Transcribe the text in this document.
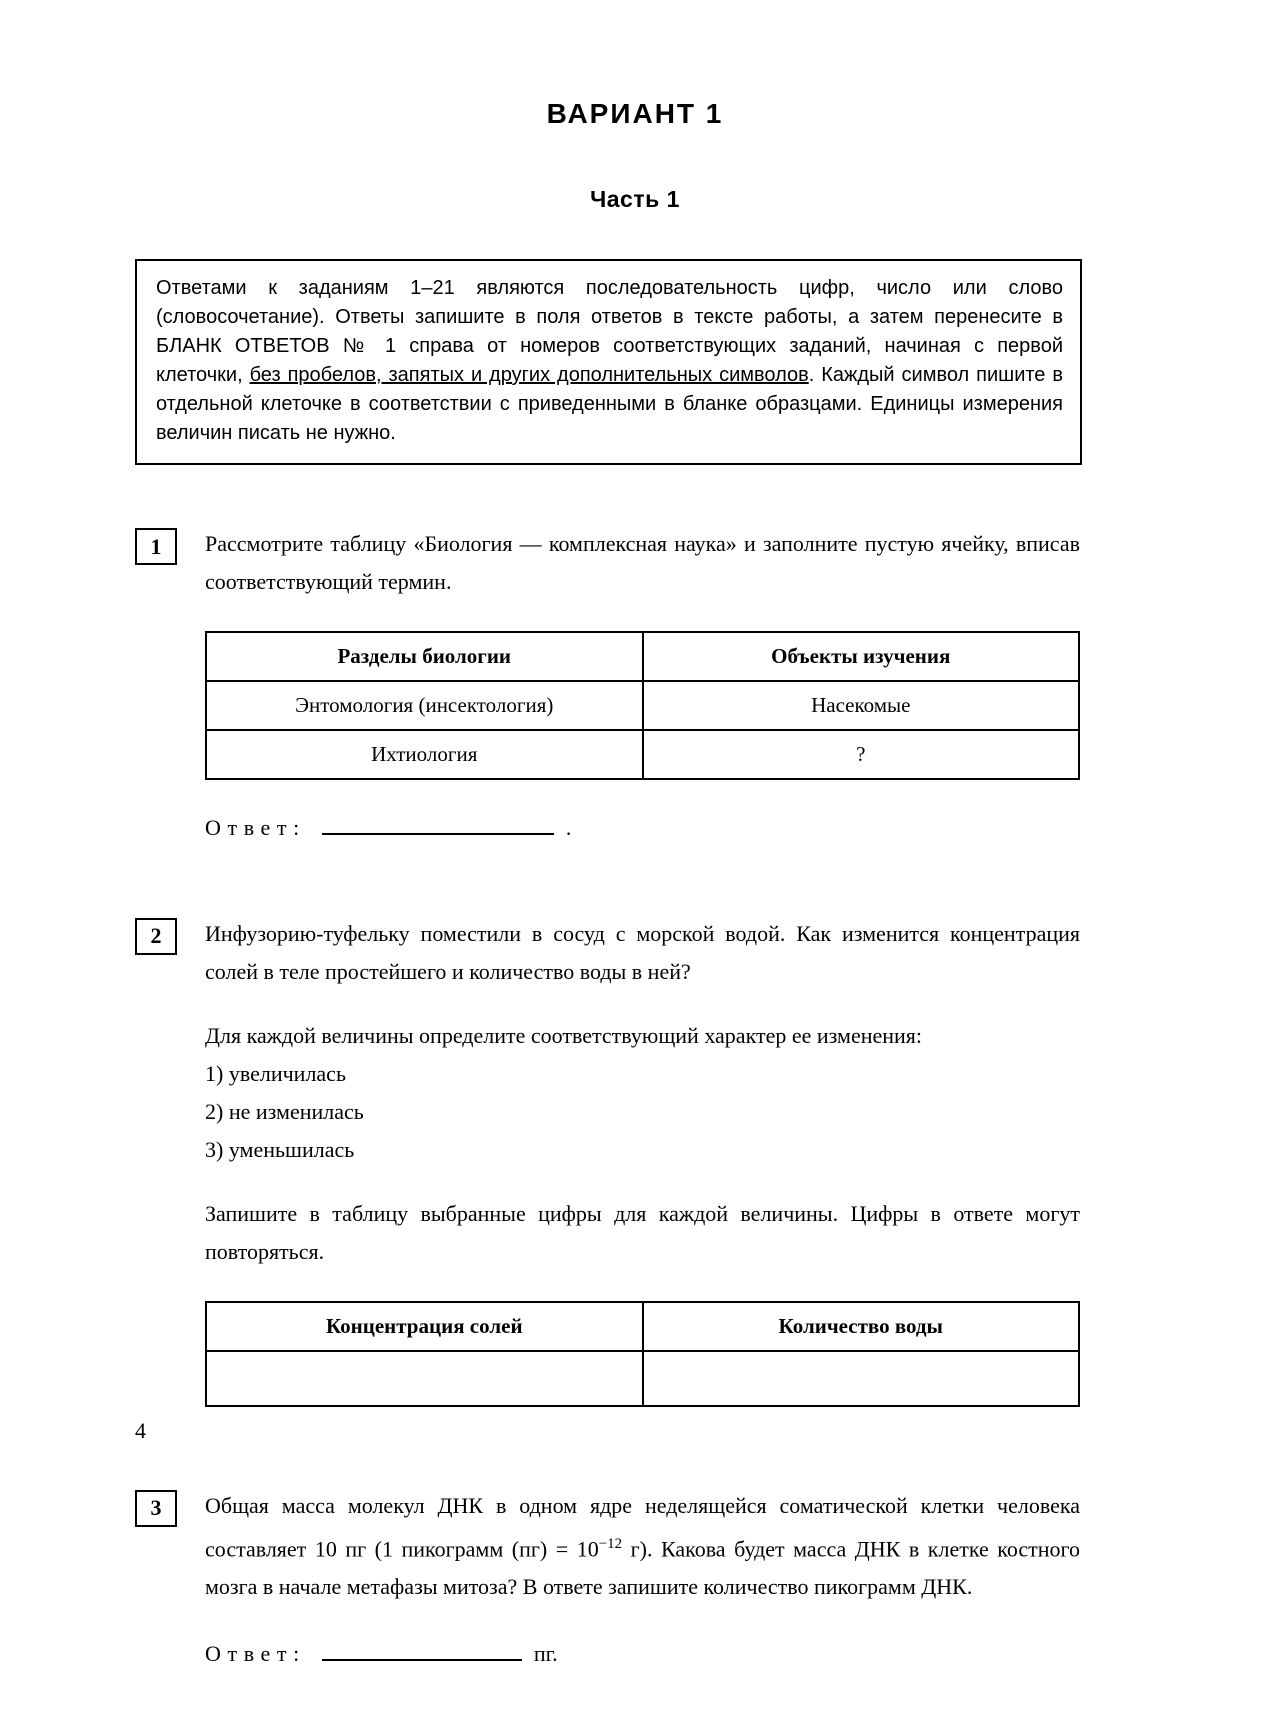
ВАРИАНТ 1
Часть 1
Ответами к заданиям 1–21 являются последовательность цифр, число или слово (словосочетание). Ответы запишите в поля ответов в тексте работы, а затем перенесите в БЛАНК ОТВЕТОВ № 1 справа от номеров соответствующих заданий, начиная с первой клеточки, без пробелов, запятых и других дополнительных символов. Каждый символ пишите в отдельной клеточке в соответствии с приведенными в бланке образцами. Единицы измерения величин писать не нужно.
1	Рассмотрите таблицу «Биология — комплексная наука» и заполните пустую ячейку, вписав соответствующий термин.

Разделы биологии	Объекты изучения
Энтомология (инсектология)	Насекомые
Ихтиология	?
Ответ:	.
2	Инфузорию-туфельку поместили в сосуд с морской водой. Как изменится концентрация солей в теле простейшего и количество воды в ней?

Для каждой величины определите соответствующий характер ее изменения:

1) увеличилась
2) не изменилась
3) уменьшилась

Запишите в таблицу выбранные цифры для каждой величины. Цифры в ответе могут повторяться.

Концентрация солей	Количество воды

3	Общая масса молекул ДНК в одном ядре неделящейся соматической клетки человека составляет 10 пг (1 пикограмм $(пг) = 10^{-12}$ г). Какова будет масса ДНК в клетке костного мозга в начале метафазы митоза? В ответе запишите количество пикограмм ДНК.

Ответ:	пг.
4
